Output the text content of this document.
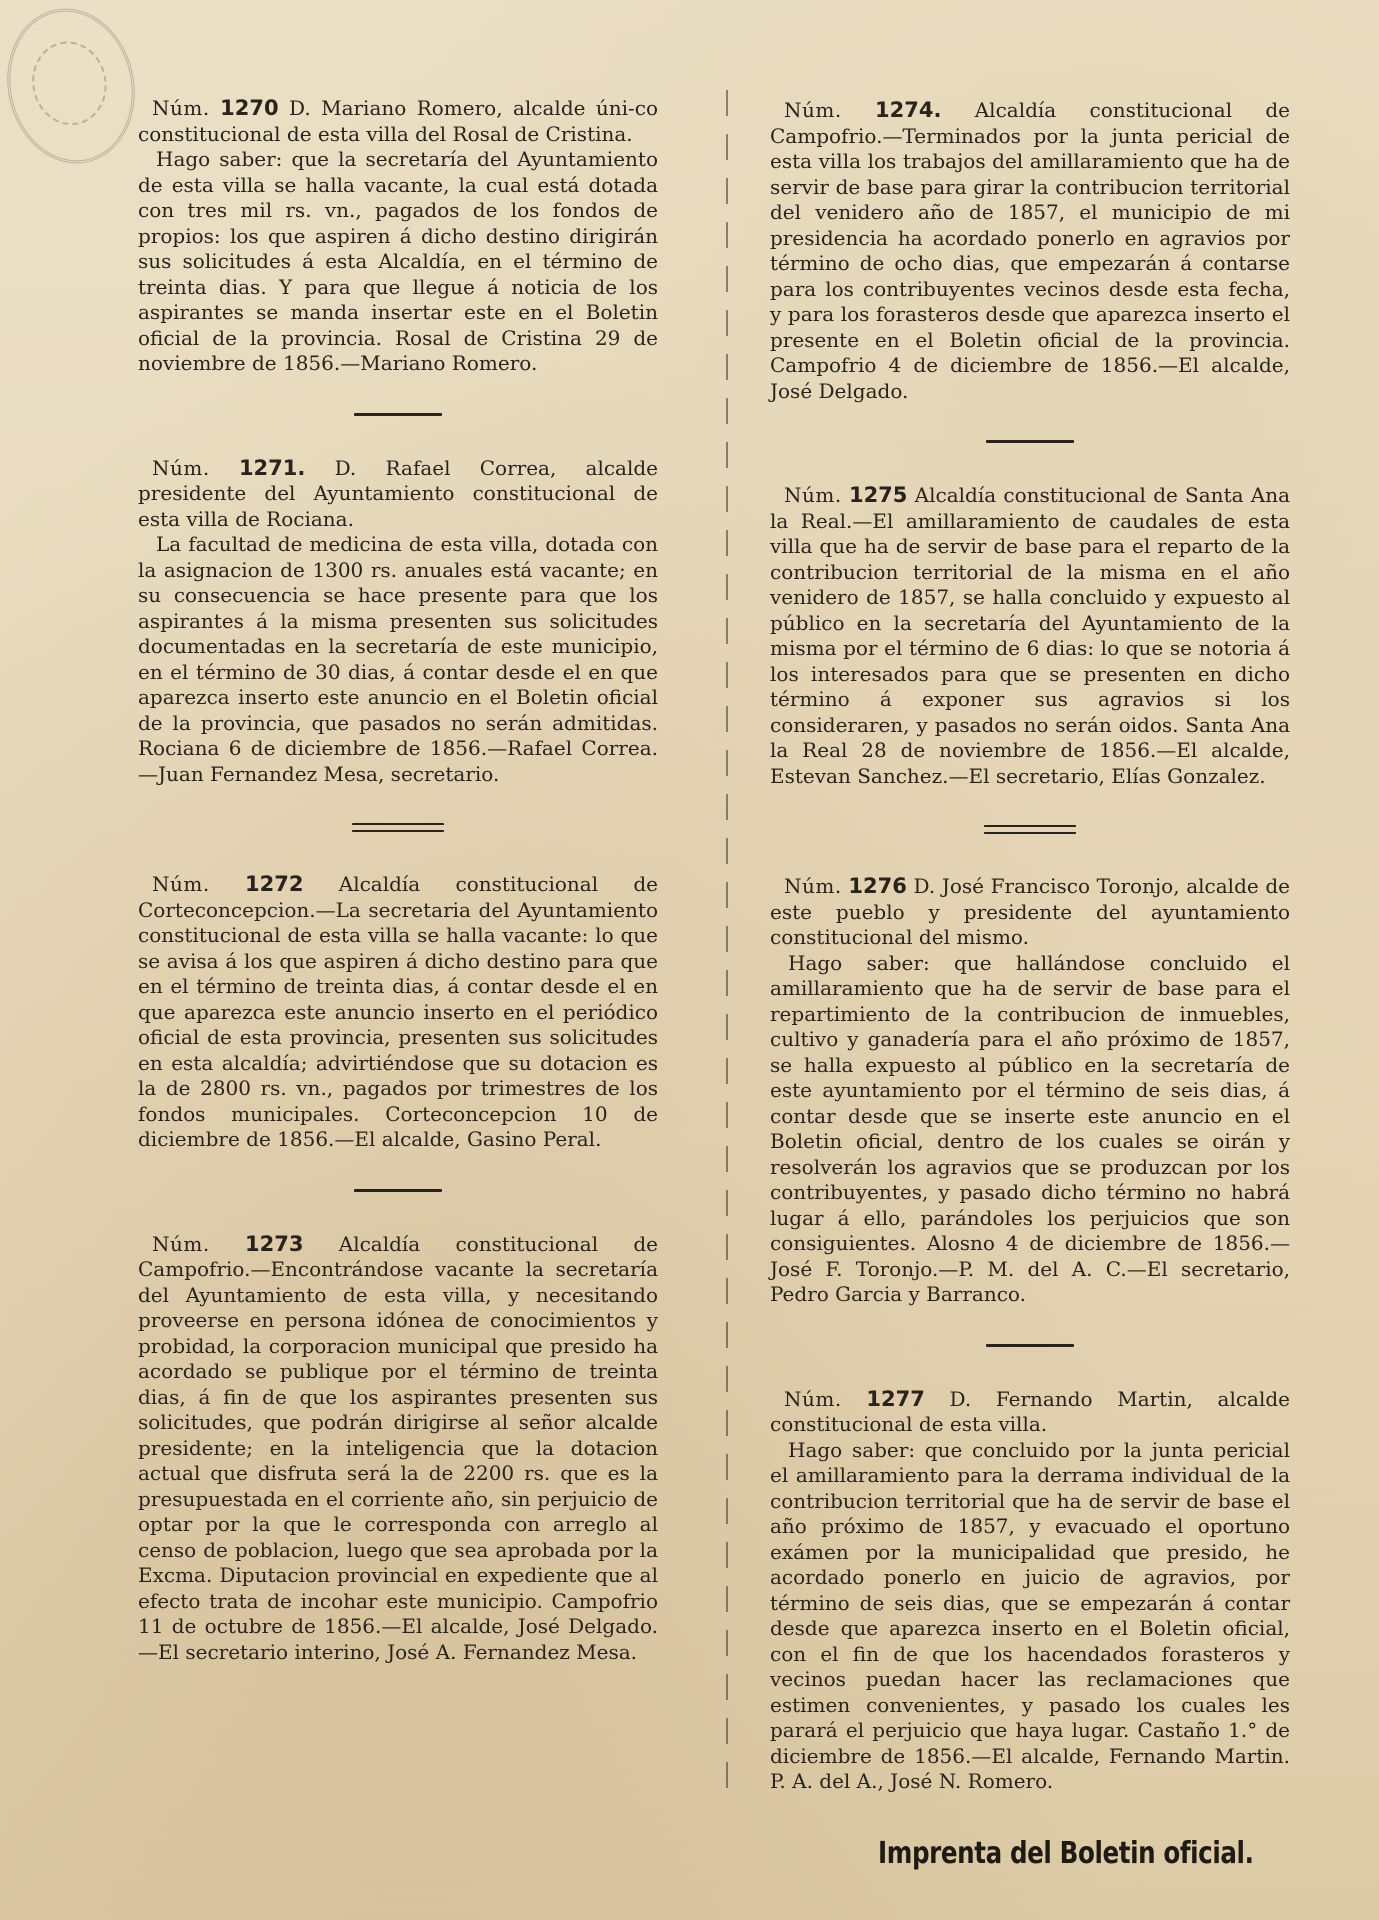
Núm. 1270 D. Mariano Romero, alcalde úni-co constitucional de esta villa del Rosal de Cristina.

Hago saber: que la secretaría del Ayuntamiento de esta villa se halla vacante, la cual está dotada con tres mil rs. vn., pagados de los fondos de propios: los que aspiren á dicho destino dirigirán sus solicitudes á esta Alcaldía, en el término de treinta dias. Y para que llegue á noticia de los aspirantes se manda insertar este en el Boletin oficial de la provincia. Rosal de Cristina 29 de noviembre de 1856.—Mariano Romero.

Núm. 1271. D. Rafael Correa, alcalde presidente del Ayuntamiento constitucional de esta villa de Rociana.

La facultad de medicina de esta villa, dotada con la asignacion de 1300 rs. anuales está vacante; en su consecuencia se hace presente para que los aspirantes á la misma presenten sus solicitudes documentadas en la secretaría de este municipio, en el término de 30 dias, á contar desde el en que aparezca inserto este anuncio en el Boletin oficial de la provincia, que pasados no serán admitidas. Rociana 6 de diciembre de 1856.—Rafael Correa.—Juan Fernandez Mesa, secretario.

Núm. 1272 Alcaldía constitucional de Corteconcepcion.—La secretaria del Ayuntamiento constitucional de esta villa se halla vacante: lo que se avisa á los que aspiren á dicho destino para que en el término de treinta dias, á contar desde el en que aparezca este anuncio inserto en el periódico oficial de esta provincia, presenten sus solicitudes en esta alcaldía; advirtiéndose que su dotacion es la de 2800 rs. vn., pagados por trimestres de los fondos municipales. Corteconcepcion 10 de diciembre de 1856.—El alcalde, Gasino Peral.

Núm. 1273 Alcaldía constitucional de Campofrio.—Encontrándose vacante la secretaría del Ayuntamiento de esta villa, y necesitando proveerse en persona idónea de conocimientos y probidad, la corporacion municipal que presido ha acordado se publique por el término de treinta dias, á fin de que los aspirantes presenten sus solicitudes, que podrán dirigirse al señor alcalde presidente; en la inteligencia que la dotacion actual que disfruta será la de 2200 rs. que es la presupuestada en el corriente año, sin perjuicio de optar por la que le corresponda con arreglo al censo de poblacion, luego que sea aprobada por la Excma. Diputacion provincial en expediente que al efecto trata de incohar este municipio. Campofrio 11 de octubre de 1856.—El alcalde, José Delgado.—El secretario interino, José A. Fernandez Mesa.

Núm. 1274. Alcaldía constitucional de Campofrio.—Terminados por la junta pericial de esta villa los trabajos del amillaramiento que ha de servir de base para girar la contribucion territorial del venidero año de 1857, el municipio de mi presidencia ha acordado ponerlo en agravios por término de ocho dias, que empezarán á contarse para los contribuyentes vecinos desde esta fecha, y para los forasteros desde que aparezca inserto el presente en el Boletin oficial de la provincia. Campofrio 4 de diciembre de 1856.—El alcalde, José Delgado.

Núm. 1275 Alcaldía constitucional de Santa Ana la Real.—El amillaramiento de caudales de esta villa que ha de servir de base para el reparto de la contribucion territorial de la misma en el año venidero de 1857, se halla concluido y expuesto al público en la secretaría del Ayuntamiento de la misma por el término de 6 dias: lo que se notoria á los interesados para que se presenten en dicho término á exponer sus agravios si los consideraren, y pasados no serán oidos. Santa Ana la Real 28 de noviembre de 1856.—El alcalde, Estevan Sanchez.—El secretario, Elías Gonzalez.

Núm. 1276 D. José Francisco Toronjo, alcalde de este pueblo y presidente del ayuntamiento constitucional del mismo.

Hago saber: que hallándose concluido el amillaramiento que ha de servir de base para el repartimiento de la contribucion de inmuebles, cultivo y ganadería para el año próximo de 1857, se halla expuesto al público en la secretaría de este ayuntamiento por el término de seis dias, á contar desde que se inserte este anuncio en el Boletin oficial, dentro de los cuales se oirán y resolverán los agravios que se produzcan por los contribuyentes, y pasado dicho término no habrá lugar á ello, parándoles los perjuicios que son consiguientes. Alosno 4 de diciembre de 1856.—José F. Toronjo.—P. M. del A. C.—El secretario, Pedro Garcia y Barranco.

Núm. 1277 D. Fernando Martin, alcalde constitucional de esta villa.

Hago saber: que concluido por la junta pericial el amillaramiento para la derrama individual de la contribucion territorial que ha de servir de base el año próximo de 1857, y evacuado el oportuno exámen por la municipalidad que presido, he acordado ponerlo en juicio de agravios, por término de seis dias, que se empezarán á contar desde que aparezca inserto en el Boletin oficial, con el fin de que los hacendados forasteros y vecinos puedan hacer las reclamaciones que estimen convenientes, y pasado los cuales les parará el perjuicio que haya lugar. Castaño 1.° de diciembre de 1856.—El alcalde, Fernando Martin. P. A. del A., José N. Romero.

Imprenta del Boletin oficial.
